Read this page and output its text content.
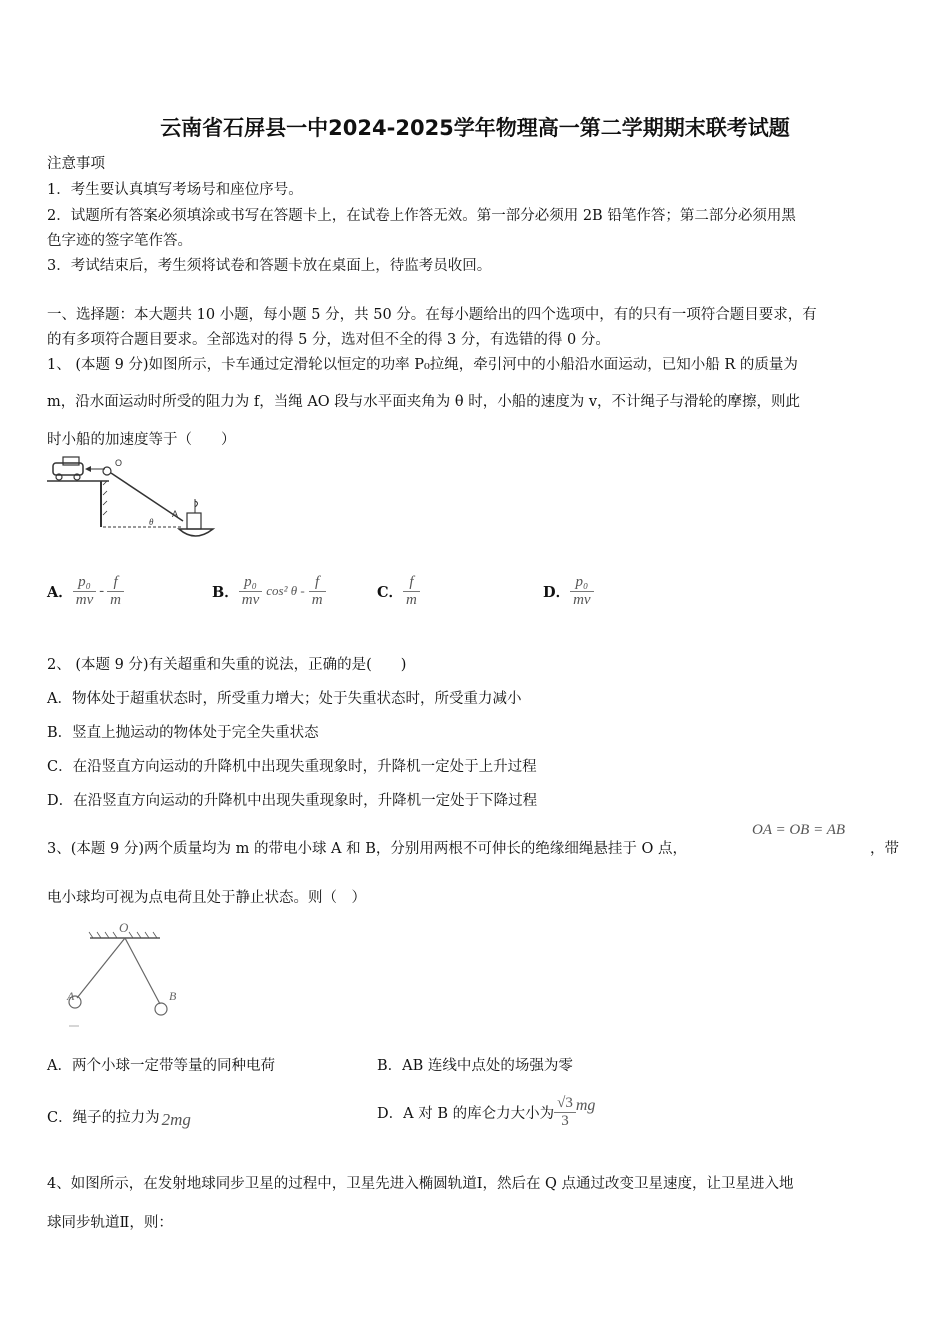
云南省石屏县一中2024-2025学年物理高一第二学期期末联考试题
注意事项
1．考生要认真填写考场号和座位序号。
2．试题所有答案必须填涂或书写在答题卡上，在试卷上作答无效。第一部分必须用 2B 铅笔作答；第二部分必须用黑
色字迹的签字笔作答。
3．考试结束后，考生须将试卷和答题卡放在桌面上，待监考员收回。
一、选择题：本大题共 10 小题，每小题 5 分，共 50 分。在每小题给出的四个选项中，有的只有一项符合题目要求，有
的有多项符合题目要求。全部选对的得 5 分，选对但不全的得 3 分，有选错的得 0 分。
1、 (本题 9 分)如图所示，卡车通过定滑轮以恒定的功率 P₀拉绳，牵引河中的小船沿水面运动，已知小船 R 的质量为
m，沿水面运动时所受的阻力为 f，当绳 AO 段与水平面夹角为 θ 时，小船的速度为 v，不计绳子与滑轮的摩擦，则此
时小船的加速度等于（　　）
O
θ
A
A． $\frac{\text{p₀}}{mv} - \frac{f}{m}$	B． $\frac{\text{p₀}}{mv} \cos^2$ θ - $\frac{f}{m}$	C． $\frac{f}{m}$	D． $\frac{\text{p₀}}{mv}$
2、 (本题 9 分)有关超重和失重的说法，正确的是(　　)
A．物体处于超重状态时，所受重力增大；处于失重状态时，所受重力减小
B．竖直上抛运动的物体处于完全失重状态
C．在沿竖直方向运动的升降机中出现失重现象时，升降机一定处于上升过程
D．在沿竖直方向运动的升降机中出现失重现象时，升降机一定处于下降过程
3、(本题 9 分)两个质量均为 m 的带电小球 A 和 B，分别用两根不可伸长的绝缘细绳悬挂于 O 点，
OA = OB = AB
，带
电小球均可视为点电荷且处于静止状态。则（　）
O
A	B
A．两个小球一定带等量的同种电荷	B．AB 连线中点处的场强为零
C．绳子的拉力为 2mg	D．A 对 B 的库仑力大小为 $\frac{√3}{3}$ mg
4、如图所示，在发射地球同步卫星的过程中，卫星先进入椭圆轨道Ⅰ，然后在 Q 点通过改变卫星速度，让卫星进入地
球同步轨道Ⅱ，则：
